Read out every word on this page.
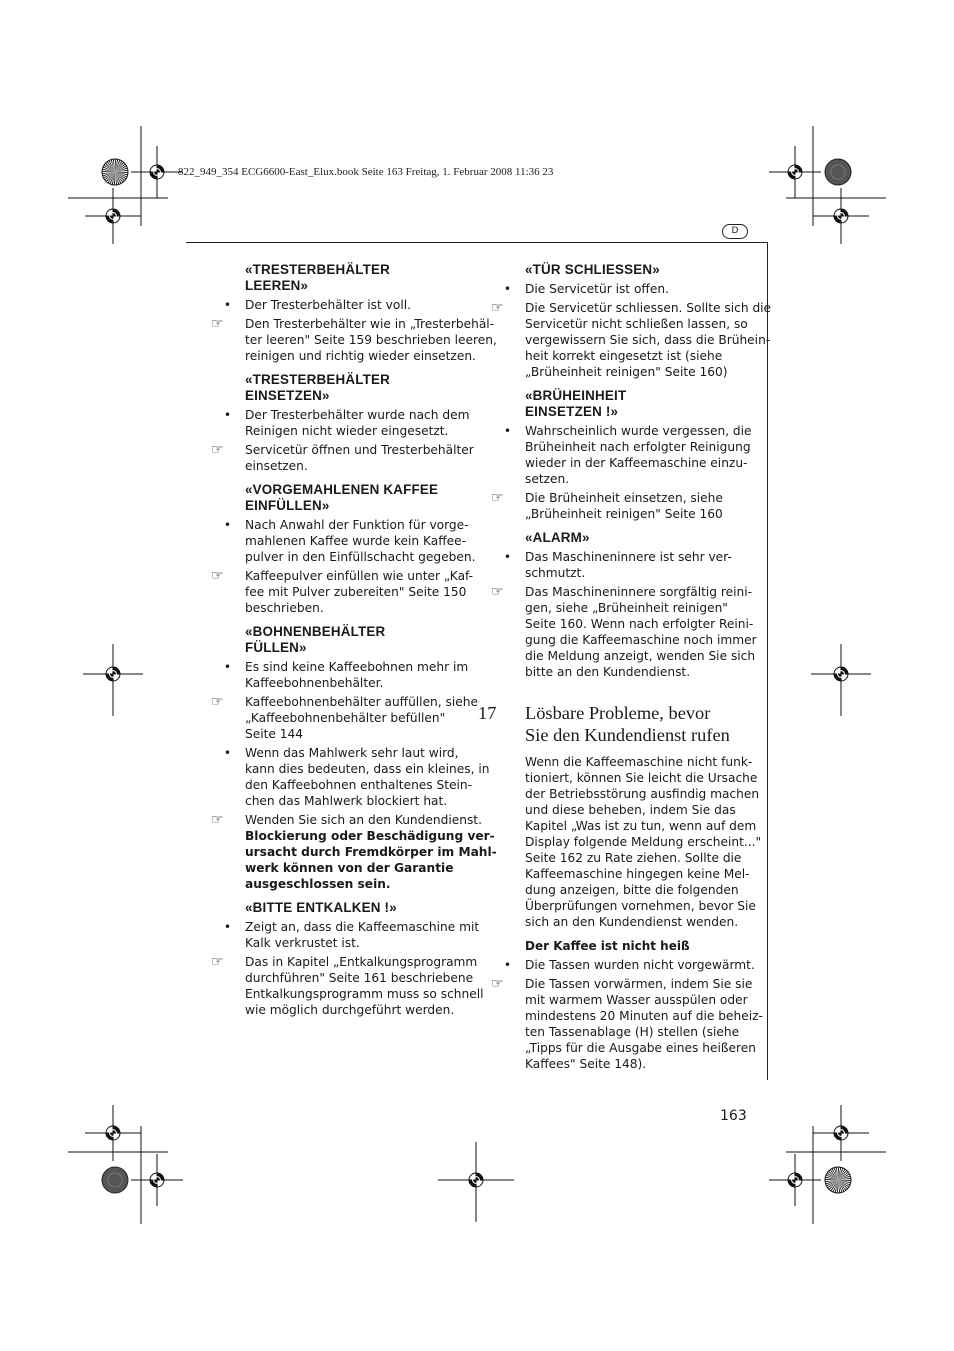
822_949_354 ECG6600-East_Elux.book Seite 163 Freitag, 1. Februar 2008 11:36 23
D
«TRESTERBEHÄLTER
LEEREN»
•
Der Tresterbehälter ist voll.
☞	Den Tresterbehälter wie in „Tresterbehäl-
ter leeren" Seite 159 beschrieben leeren,
reinigen und richtig wieder einsetzen.
«TRESTERBEHÄLTER
EINSETZEN»
•
Der Tresterbehälter wurde nach dem
Reinigen nicht wieder eingesetzt.
☞	Servicetür öffnen und Tresterbehälter
einsetzen.
«VORGEMAHLENEN KAFFEE
EINFÜLLEN»
•
Nach Anwahl der Funktion für vorge-
mahlenen Kaffee wurde kein Kaffee-
pulver in den Einfüllschacht gegeben.
☞	Kaffeepulver einfüllen wie unter „Kaf-
fee mit Pulver zubereiten" Seite 150
beschrieben.
«BOHNENBEHÄLTER
FÜLLEN»
•
Es sind keine Kaffeebohnen mehr im
Kaffeebohnenbehälter.
☞	Kaffeebohnenbehälter auffüllen, siehe
„Kaffeebohnenbehälter befüllen"
Seite 144
•
Wenn das Mahlwerk sehr laut wird,
kann dies bedeuten, dass ein kleines, in
den Kaffeebohnen enthaltenes Stein-
chen das Mahlwerk blockiert hat.
☞	Wenden Sie sich an den Kundendienst.
Blockierung oder Beschädigung ver-
ursacht durch Fremdkörper im Mahl-
werk können von der Garantie
ausgeschlossen sein.
«BITTE ENTKALKEN !»
•
Zeigt an, dass die Kaffeemaschine mit
Kalk verkrustet ist.
☞	Das in Kapitel „Entkalkungsprogramm
durchführen" Seite 161 beschriebene
Entkalkungsprogramm muss so schnell
wie möglich durchgeführt werden.
«TÜR SCHLIESSEN»
•
Die Servicetür ist offen.
☞	Die Servicetür schliessen. Sollte sich die
Servicetür nicht schließen lassen, so
vergewissern Sie sich, dass die Brühein-
heit korrekt eingesetzt ist (siehe
„Brüheinheit reinigen" Seite 160)
«BRÜHEINHEIT
EINSETZEN !»
•
Wahrscheinlich wurde vergessen, die
Brüheinheit nach erfolgter Reinigung
wieder in der Kaffeemaschine einzu-
setzen.
☞	Die Brüheinheit einsetzen, siehe
„Brüheinheit reinigen" Seite 160
«ALARM»
•
Das Maschineninnere ist sehr ver-
schmutzt.
☞	Das Maschineninnere sorgfältig reini-
gen, siehe „Brüheinheit reinigen"
Seite 160. Wenn nach erfolgter Reini-
gung die Kaffeemaschine noch immer
die Meldung anzeigt, wenden Sie sich
bitte an den Kundendienst.
17 Lösbare Probleme, bevor
Sie den Kundendienst rufen
Wenn die Kaffeemaschine nicht funk-
tioniert, können Sie leicht die Ursache
der Betriebsstörung ausfindig machen
und diese beheben, indem Sie das
Kapitel „Was ist zu tun, wenn auf dem
Display folgende Meldung erscheint..."
Seite 162 zu Rate ziehen. Sollte die
Kaffeemaschine hingegen keine Mel-
dung anzeigen, bitte die folgenden
Überprüfungen vornehmen, bevor Sie
sich an den Kundendienst wenden.
Der Kaffee ist nicht heiß
•
Die Tassen wurden nicht vorgewärmt.
☞	Die Tassen vorwärmen, indem Sie sie
mit warmem Wasser ausspülen oder
mindestens 20 Minuten auf die beheiz-
ten Tassenablage (H) stellen (siehe
„Tipps für die Ausgabe eines heißeren
Kaffees" Seite 148).
163
